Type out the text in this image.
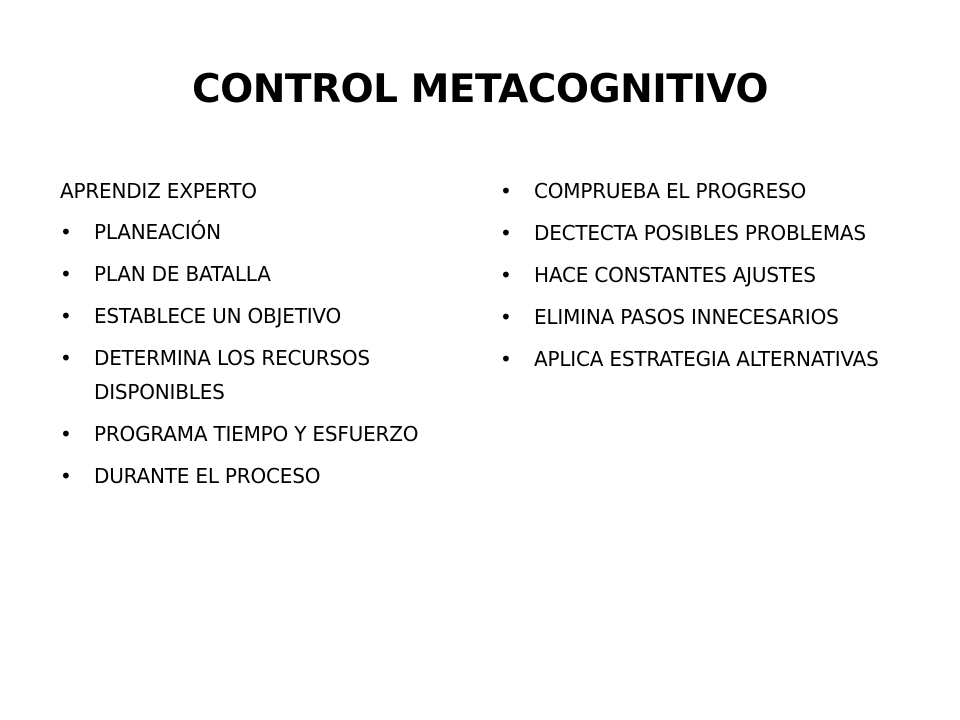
CONTROL METACOGNITIVO
APRENDIZ EXPERTO
• PLANEACIÓN
• PLAN DE BATALLA
• ESTABLECE UN OBJETIVO
• DETERMINA LOS RECURSOS DISPONIBLES
• PROGRAMA TIEMPO Y ESFUERZO
• DURANTE EL PROCESO
• COMPRUEBA EL PROGRESO
• DECTECTA POSIBLES PROBLEMAS
• HACE CONSTANTES AJUSTES
• ELIMINA PASOS INNECESARIOS
• APLICA ESTRATEGIA ALTERNATIVAS
